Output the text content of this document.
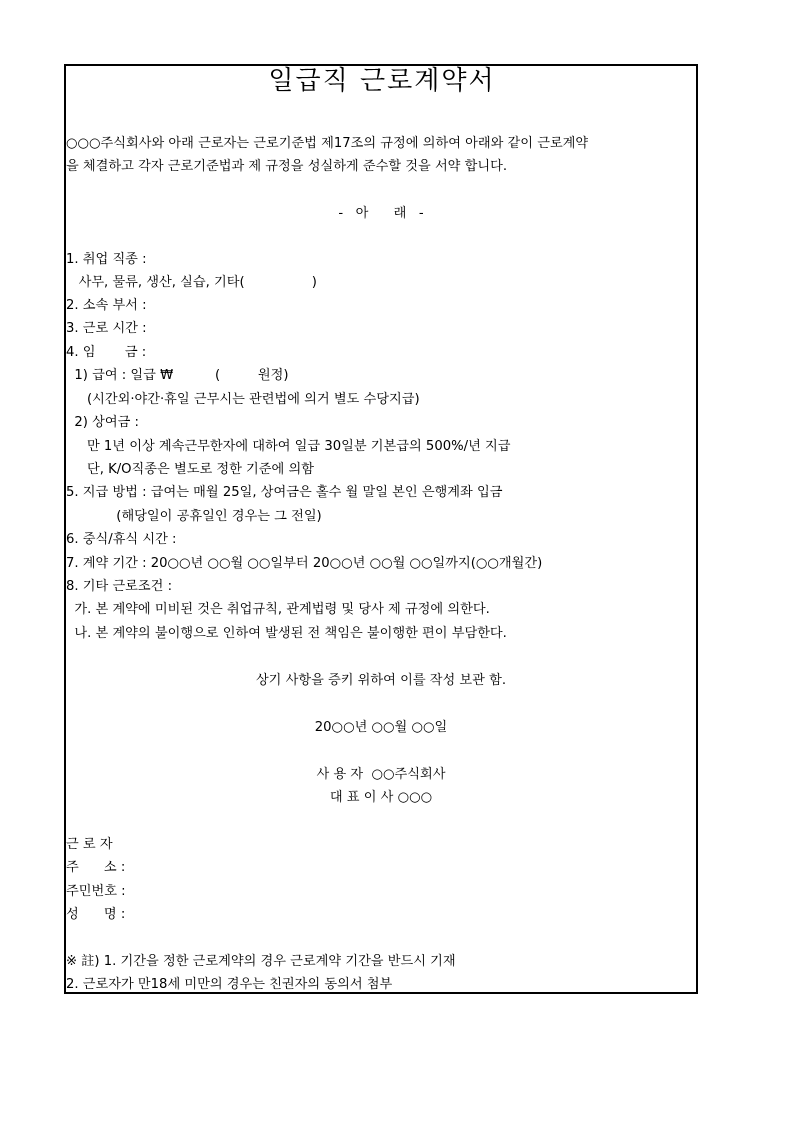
일급직 근로계약서
○○○주식회사와 아래 근로자는 근로기준법 제17조의 규정에 의하여 아래와 같이 근로계약
을 체결하고 각자 근로기준법과 제 규정을 성실하게 준수할 것을 서약 합니다.
-   아      래   -
1. 취업 직종 :
사무, 물류, 생산, 실습, 기타(                )
2. 소속 부서 :
3. 근로 시간 :
4. 임       금 :
1) 급여 : 일급 ₩          (         원정)
(시간외·야간·휴일 근무시는 관련법에 의거 별도 수당지급)
2) 상여금 :
만 1년 이상 계속근무한자에 대하여 일급 30일분 기본급의 500%/년 지급
단, K/O직종은 별도로 정한 기준에 의함
5. 지급 방법 : 급여는 매월 25일, 상여금은 홀수 월 말일 본인 은행계좌 입금
(해당일이 공휴일인 경우는 그 전일)
6. 중식/휴식 시간 :
7. 계약 기간 : 20○○년 ○○월 ○○일부터 20○○년 ○○월 ○○일까지(○○개월간)
8. 기타 근로조건 :
가. 본 계약에 미비된 것은 취업규칙, 관계법령 및 당사 제 규정에 의한다.
나. 본 계약의 불이행으로 인하여 발생된 전 책임은 불이행한 편이 부담한다.
상기 사항을 증키 위하여 이를 작성 보관 함.
20○○년 ○○월 ○○일
사 용 자  ○○주식회사
대 표 이 사 ○○○
근 로 자
주      소 :
주민번호 :
성      명 :
※ 註) 1. 기간을 정한 근로계약의 경우 근로계약 기간을 반드시 기재
2. 근로자가 만18세 미만의 경우는 친권자의 동의서 첨부
